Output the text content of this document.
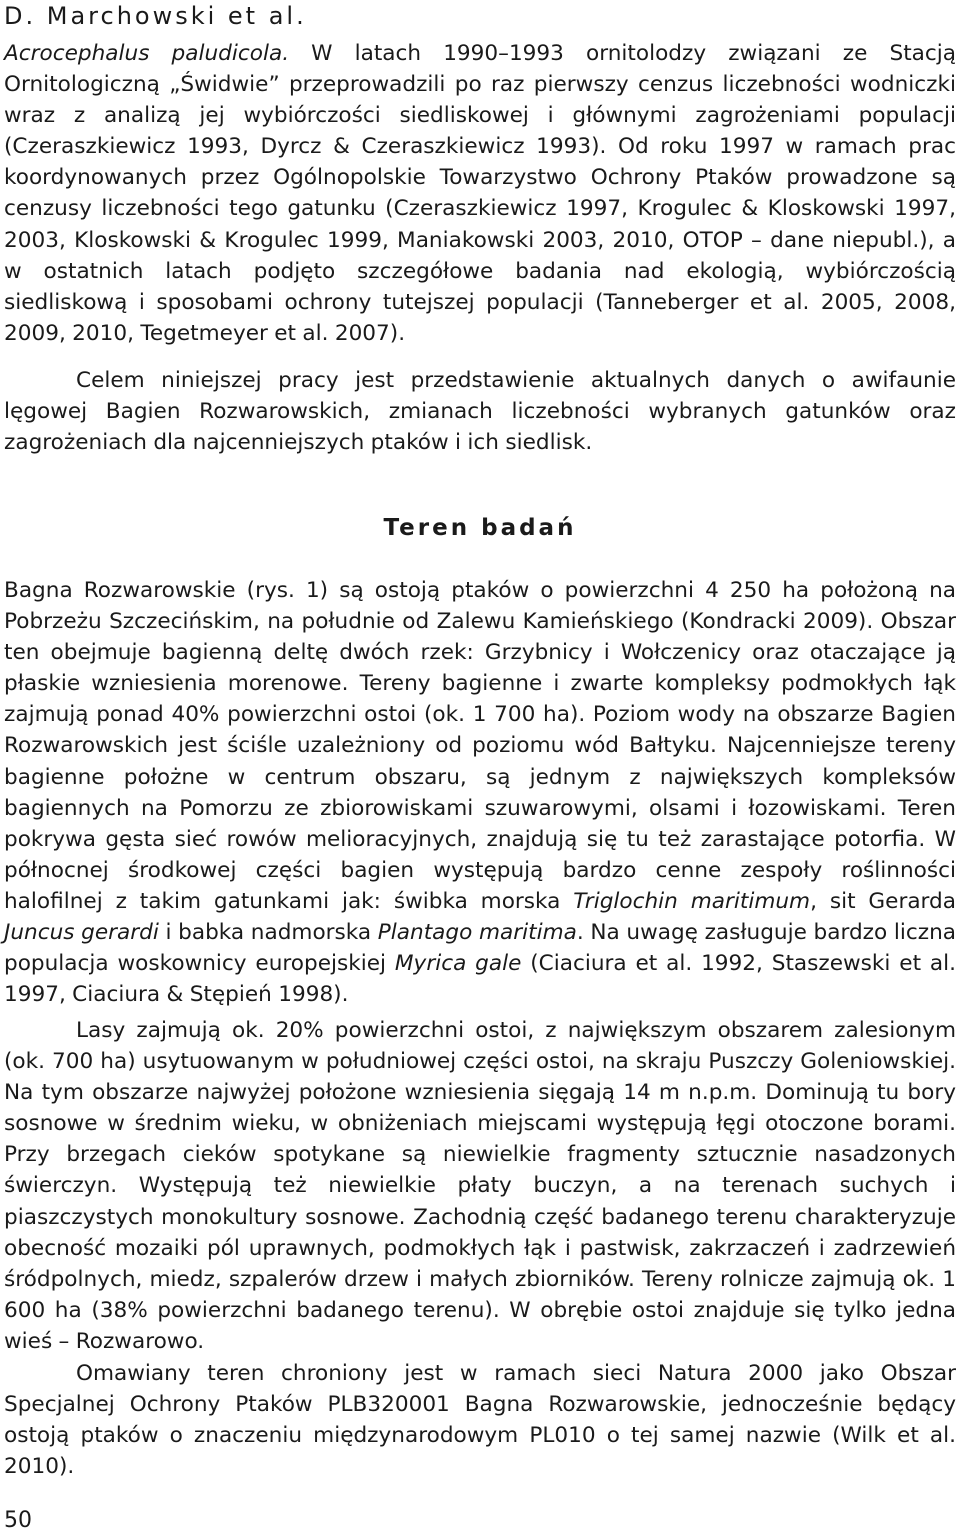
D. Marchowski et al.

Acrocephalus paludicola. W latach 1990–1993 ornitolodzy związani ze Stacją Ornitologiczną „Świdwie” przeprowadzili po raz pierwszy cenzus liczebności wodniczki wraz z analizą jej wybiórczości siedliskowej i głównymi zagrożeniami populacji (Czeraszkiewicz 1993, Dyrcz & Czeraszkiewicz 1993). Od roku 1997 w ramach prac koordynowanych przez Ogólnopolskie Towarzystwo Ochrony Ptaków prowadzone są cenzusy liczebności tego gatunku (Czeraszkiewicz 1997, Krogulec & Kloskowski 1997, 2003, Kloskowski & Krogulec 1999, Maniakowski 2003, 2010, OTOP – dane niepubl.), a w ostatnich latach podjęto szczegółowe badania nad ekologią, wybiórczością siedliskową i sposobami ochrony tutejszej populacji (Tanneberger et al. 2005, 2008, 2009, 2010, Tegetmeyer et al. 2007).

Celem niniejszej pracy jest przedstawienie aktualnych danych o awifaunie lęgowej Bagien Rozwarowskich, zmianach liczebności wybranych gatunków oraz zagrożeniach dla najcenniejszych ptaków i ich siedlisk.

Teren badań

Bagna Rozwarowskie (rys. 1) są ostoją ptaków o powierzchni 4 250 ha położoną na Pobrzeżu Szczecińskim, na południe od Zalewu Kamieńskiego (Kondracki 2009). Obszar ten obejmuje bagienną deltę dwóch rzek: Grzybnicy i Wołczenicy oraz otaczające ją płaskie wzniesienia morenowe. Tereny bagienne i zwarte kompleksy podmokłych łąk zajmują ponad 40% powierzchni ostoi (ok. 1 700 ha). Poziom wody na obszarze Bagien Rozwarowskich jest ściśle uzależniony od poziomu wód Bałtyku. Najcenniejsze tereny bagienne położne w centrum obszaru, są jednym z największych kompleksów bagiennych na Pomorzu ze zbiorowiskami szuwarowymi, olsami i łozowiskami. Teren pokrywa gęsta sieć rowów melioracyjnych, znajdują się tu też zarastające potorfia. W północnej środkowej części bagien występują bardzo cenne zespoły roślinności halofilnej z takim gatunkami jak: świbka morska Triglochin maritimum, sit Gerarda Juncus gerardi i babka nadmorska Plantago maritima. Na uwagę zasługuje bardzo liczna populacja woskownicy europejskiej Myrica gale (Ciaciura et al. 1992, Staszewski et al. 1997, Ciaciura & Stępień 1998).

Lasy zajmują ok. 20% powierzchni ostoi, z największym obszarem zalesionym (ok. 700 ha) usytuowanym w południowej części ostoi, na skraju Puszczy Goleniowskiej. Na tym obszarze najwyżej położone wzniesienia sięgają 14 m n.p.m. Dominują tu bory sosnowe w średnim wieku, w obniżeniach miejscami występują łęgi otoczone borami. Przy brzegach cieków spotykane są niewielkie fragmenty sztucznie nasadzonych świerczyn. Występują też niewielkie płaty buczyn, a na terenach suchych i piaszczystych monokultury sosnowe. Zachodnią część badanego terenu charakteryzuje obecność mozaiki pól uprawnych, podmokłych łąk i pastwisk, zakrzaczeń i zadrzewień śródpolnych, miedz, szpalerów drzew i małych zbiorników. Tereny rolnicze zajmują ok. 1 600 ha (38% powierzchni badanego terenu). W obrębie ostoi znajduje się tylko jedna wieś – Rozwarowo.

Omawiany teren chroniony jest w ramach sieci Natura 2000 jako Obszar Specjalnej Ochrony Ptaków PLB320001 Bagna Rozwarowskie, jednocześnie będący ostoją ptaków o znaczeniu międzynarodowym PL010 o tej samej nazwie (Wilk et al. 2010).

50
